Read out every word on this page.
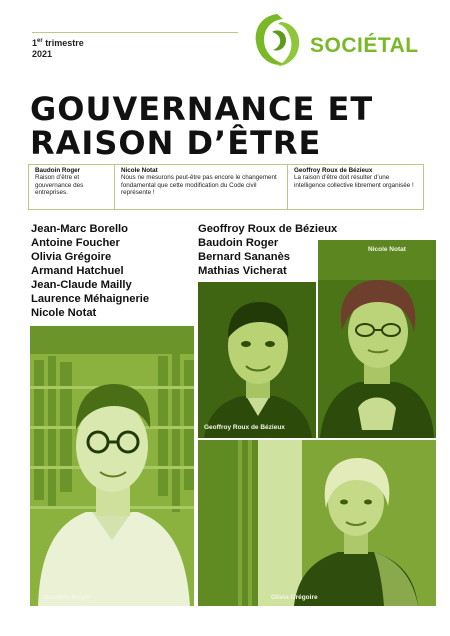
1er trimestre
2021	SOCIÉTAL
GOUVERNANCE ET
RAISON D’ÊTRE
Baudoin Roger
Raison d’être et gouvernance des entreprises.
Nicole Notat
Nous ne mesurons peut-être pas encore le changement fondamental que cette modification du Code civil représente !
Geoffroy Roux de Bézieux
La raison d’être doit résulter d’une intelligence collective librement organisée !
Jean-Marc Borello
Antoine Foucher
Olivia Grégoire
Armand Hatchuel
Jean-Claude Mailly
Laurence Méhaignerie
Nicole Notat
Geoffroy Roux de Bézieux
Baudoin Roger
Bernard Sananès
Mathias Vicherat
Baudoin Roger
Geoffroy Roux de Bézieux
Nicole Notat
Olivia Grégoire
